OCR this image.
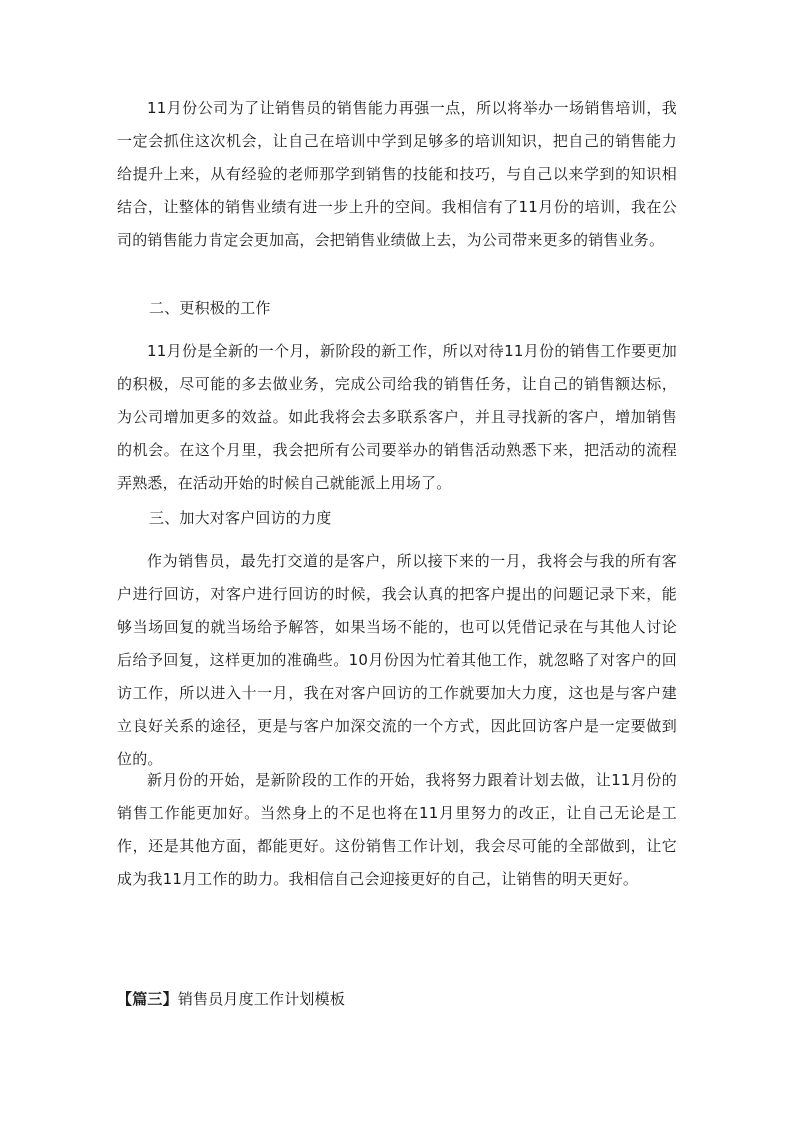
11月份公司为了让销售员的销售能力再强一点，所以将举办一场销售培训，我一定会抓住这次机会，让自己在培训中学到足够多的培训知识，把自己的销售能力给提升上来，从有经验的老师那学到销售的技能和技巧，与自己以来学到的知识相结合，让整体的销售业绩有进一步上升的空间。我相信有了11月份的培训，我在公司的销售能力肯定会更加高，会把销售业绩做上去，为公司带来更多的销售业务。

二、更积极的工作

11月份是全新的一个月，新阶段的新工作，所以对待11月份的销售工作要更加的积极，尽可能的多去做业务，完成公司给我的销售任务，让自己的销售额达标，为公司增加更多的效益。如此我将会去多联系客户，并且寻找新的客户，增加销售的机会。在这个月里，我会把所有公司要举办的销售活动熟悉下来，把活动的流程弄熟悉，在活动开始的时候自己就能派上用场了。

三、加大对客户回访的力度

作为销售员，最先打交道的是客户，所以接下来的一月，我将会与我的所有客户进行回访，对客户进行回访的时候，我会认真的把客户提出的问题记录下来，能够当场回复的就当场给予解答，如果当场不能的，也可以凭借记录在与其他人讨论后给予回复，这样更加的准确些。10月份因为忙着其他工作，就忽略了对客户的回访工作，所以进入十一月，我在对客户回访的工作就要加大力度，这也是与客户建立良好关系的途径，更是与客户加深交流的一个方式，因此回访客户是一定要做到位的。

新月份的开始，是新阶段的工作的开始，我将努力跟着计划去做，让11月份的销售工作能更加好。当然身上的不足也将在11月里努力的改正，让自己无论是工作，还是其他方面，都能更好。这份销售工作计划，我会尽可能的全部做到，让它成为我11月工作的助力。我相信自己会迎接更好的自己，让销售的明天更好。

【篇三】销售员月度工作计划模板
